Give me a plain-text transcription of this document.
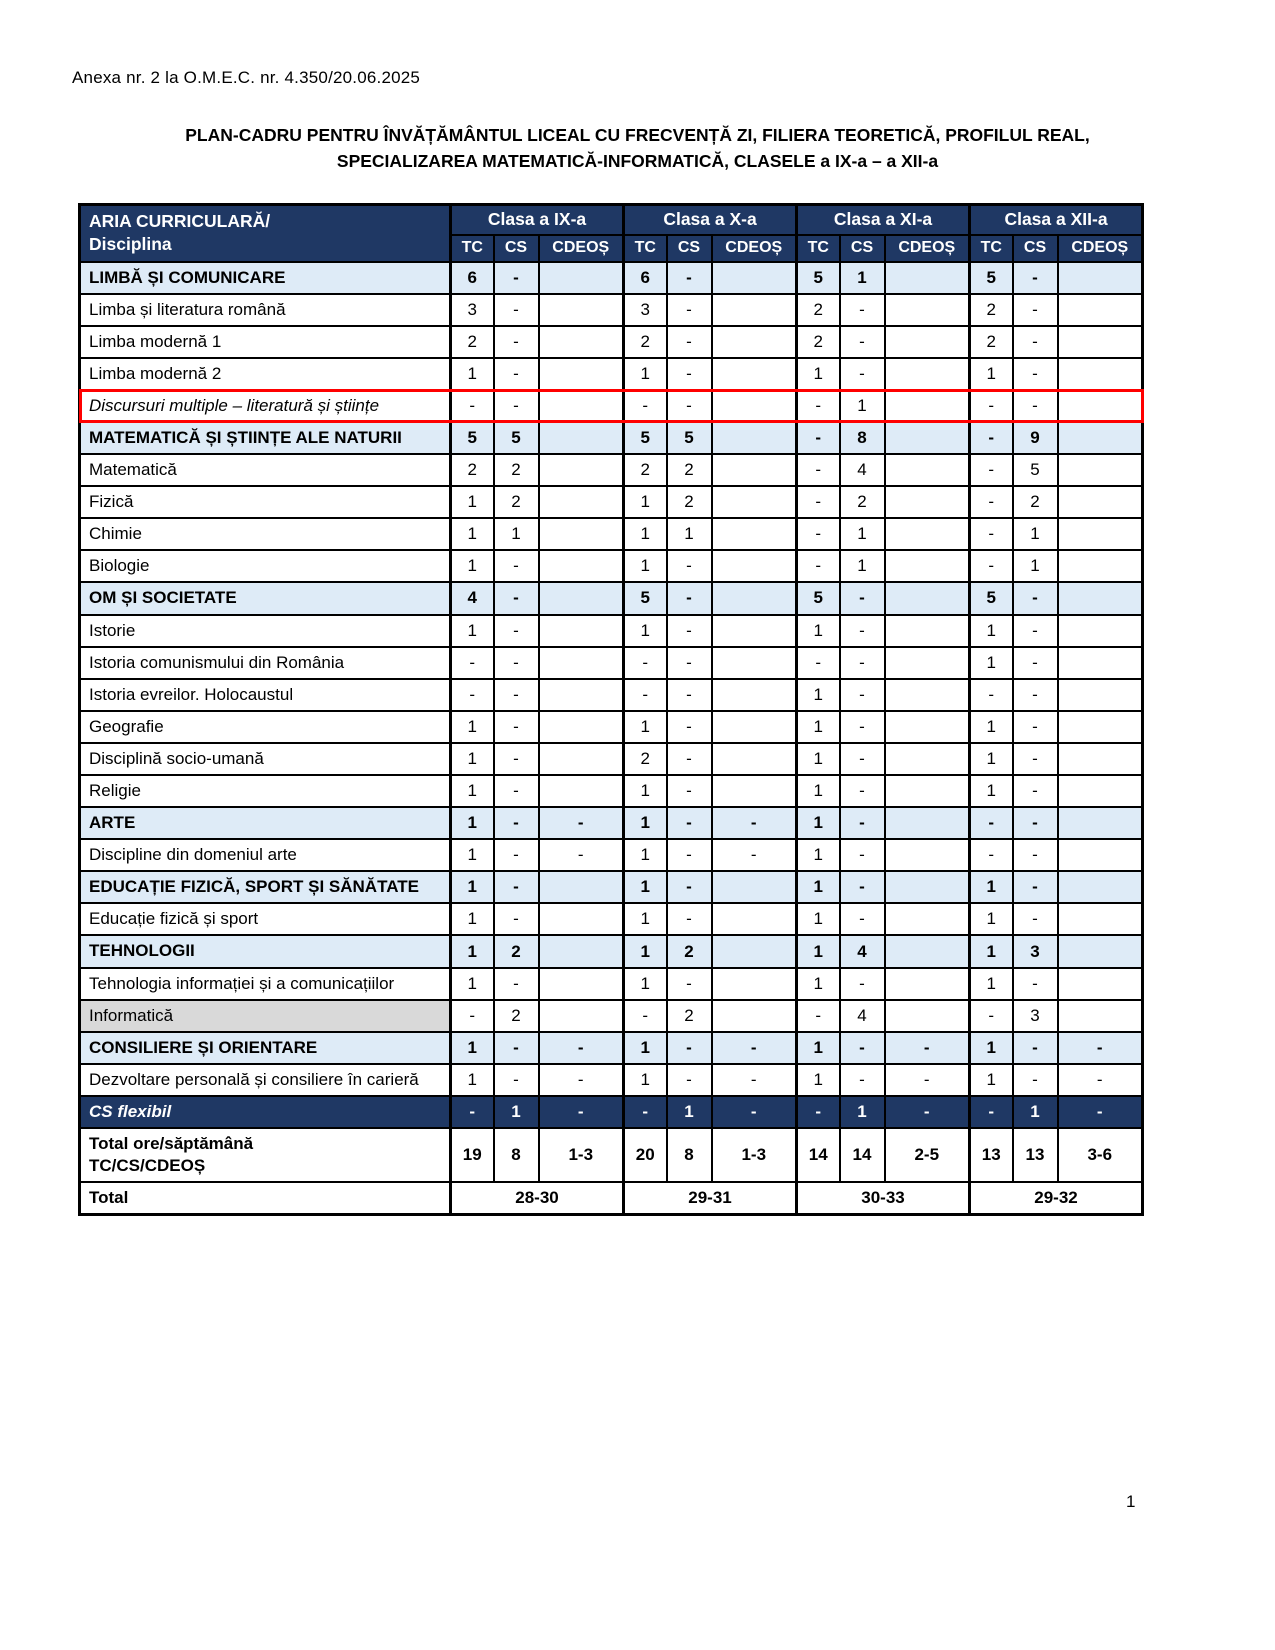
Anexa nr. 2 la O.M.E.C. nr. 4.350/20.06.2025
PLAN-CADRU PENTRU ÎNVĂȚĂMÂNTUL LICEAL CU FRECVENȚĂ ZI, FILIERA TEORETICĂ, PROFILUL REAL,
SPECIALIZAREA MATEMATICĂ-INFORMATICĂ, CLASELE a IX-a – a XII-a
ARIA CURRICULARĂ/
Disciplina	Clasa a IX-a			Clasa a X-a			Clasa a XI-a			Clasa a XII-a		
	TC	CS	CDEOȘ	TC	CS	CDEOȘ	TC	CS	CDEOȘ	TC	CS	CDEOȘ
LIMBĂ ȘI COMUNICARE	6	-		6	-		5	1		5	-	
Limba și literatura română	3	-		3	-		2	-		2	-	
Limba modernă 1	2	-		2	-		2	-		2	-	
Limba modernă 2	1	-		1	-		1	-		1	-	
Discursuri multiple – literatură și științe	-	-		-	-		-	1		-	-	
MATEMATICĂ ȘI ȘTIINȚE ALE NATURII	5	5		5	5		-	8		-	9	
Matematică	2	2		2	2		-	4		-	5	
Fizică	1	2		1	2		-	2		-	2	
Chimie	1	1		1	1		-	1		-	1	
Biologie	1	-		1	-		-	1		-	1	
OM ȘI SOCIETATE	4	-		5	-		5	-		5	-	
Istorie	1	-		1	-		1	-		1	-	
Istoria comunismului din România	-	-		-	-		-	-		1	-	
Istoria evreilor. Holocaustul	-	-		-	-		1	-		-	-	
Geografie	1	-		1	-		1	-		1	-	
Disciplină socio-umană	1	-		2	-		1	-		1	-	
Religie	1	-		1	-		1	-		1	-	
ARTE	1	-	-	1	-	-	1	-		-	-	
Discipline din domeniul arte	1	-	-	1	-	-	1	-		-	-	
EDUCAȚIE FIZICĂ, SPORT ȘI SĂNĂTATE	1	-		1	-		1	-		1	-	
Educație fizică și sport	1	-		1	-		1	-		1	-	
TEHNOLOGII	1	2		1	2		1	4		1	3	
Tehnologia informației și a comunicațiilor	1	-		1	-		1	-		1	-	
Informatică	-	2		-	2		-	4		-	3	
CONSILIERE ȘI ORIENTARE	1	-	-	1	-	-	1	-	-	1	-	-
Dezvoltare personală și consiliere în carieră	1	-	-	1	-	-	1	-	-	1	-	-
CS flexibil	-	1	-	-	1	-	-	1	-	-	1	-
Total ore/săptămână
TC/CS/CDEOȘ	19	8	1-3	20	8	1-3	14	14	2-5	13	13	3-6
Total	28-30			29-31			30-33			29-32		
1
